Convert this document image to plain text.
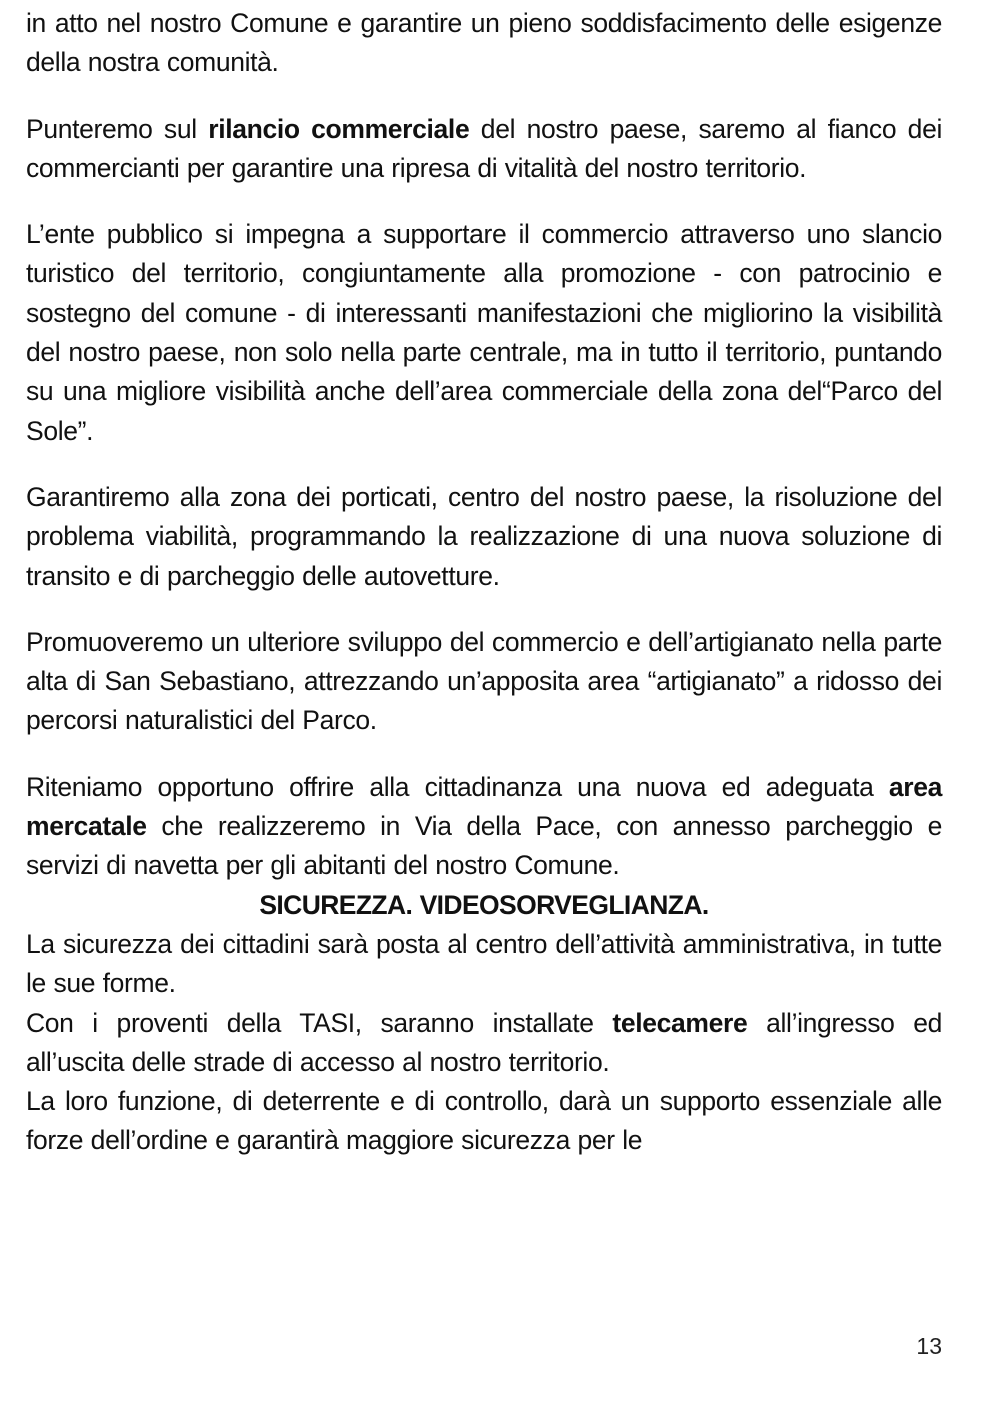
in atto nel nostro Comune e garantire un pieno soddisfacimento delle esigenze della nostra comunità.

Punteremo sul rilancio commerciale del nostro paese, saremo al fianco dei commercianti per garantire una ripresa di vitalità del nostro territorio.

L’ente pubblico si impegna a supportare il commercio attraverso uno slancio turistico del territorio, congiuntamente alla promozione - con patrocinio e sostegno del comune - di interessanti manifestazioni che migliorino la visibilità del nostro paese, non solo nella parte centrale, ma in tutto il territorio, puntando su una migliore visibilità anche dell’area commerciale della zona del“Parco del Sole”.

Garantiremo alla zona dei porticati, centro del nostro paese, la risoluzione del problema viabilità, programmando la realizzazione di una nuova soluzione di transito e di parcheggio delle autovetture.

Promuoveremo un ulteriore sviluppo del commercio e dell’artigianato nella parte alta di San Sebastiano, attrezzando un’apposita area “artigianato” a ridosso dei percorsi naturalistici del Parco.

Riteniamo opportuno offrire alla cittadinanza una nuova ed adeguata area mercatale che realizzeremo in Via della Pace, con annesso parcheggio e servizi di navetta per gli abitanti del nostro Comune.

SICUREZZA. VIDEOSORVEGLIANZA.

La sicurezza dei cittadini sarà posta al centro dell’attività amministrativa, in tutte le sue forme.

Con i proventi della TASI, saranno installate telecamere all’ingresso ed all’uscita delle strade di accesso al nostro territorio.

La loro funzione, di deterrente e di controllo, darà un supporto essenziale alle forze dell’ordine e garantirà maggiore sicurezza per le

13
